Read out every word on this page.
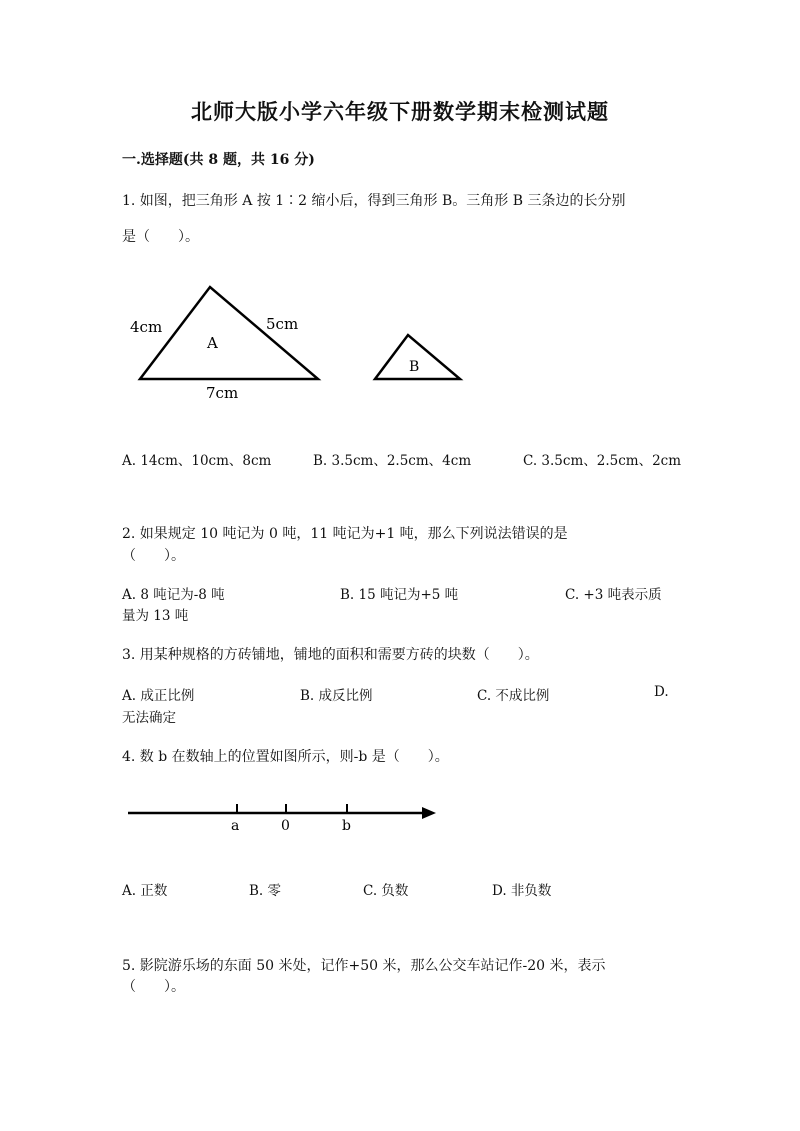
北师大版小学六年级下册数学期末检测试题
一.选择题(共 8 题，共 16 分)
1. 如图，把三角形 A 按 1∶2 缩小后，得到三角形 B。三角形 B 三条边的长分别
是（　　）。
4cm	5cm
7cm
A
B
A. 14cm、10cm、8cm	B. 3.5cm、2.5cm、4cm	C. 3.5cm、2.5cm、2cm
2. 如果规定 10 吨记为 0 吨，11 吨记为+1 吨，那么下列说法错误的是
（　　）。
A. 8 吨记为-8 吨	B. 15 吨记为+5 吨	C. +3 吨表示质
量为 13 吨
3. 用某种规格的方砖铺地，铺地的面积和需要方砖的块数（　　）。
A. 成正比例	B. 成反比例	C. 不成比例	D.
无法确定
4. 数 b 在数轴上的位置如图所示，则-b 是（　　）。
a	0	b
A. 正数	B. 零	C. 负数	D. 非负数
5. 影院游乐场的东面 50 米处，记作+50 米，那么公交车站记作-20 米，表示
（　　）。
